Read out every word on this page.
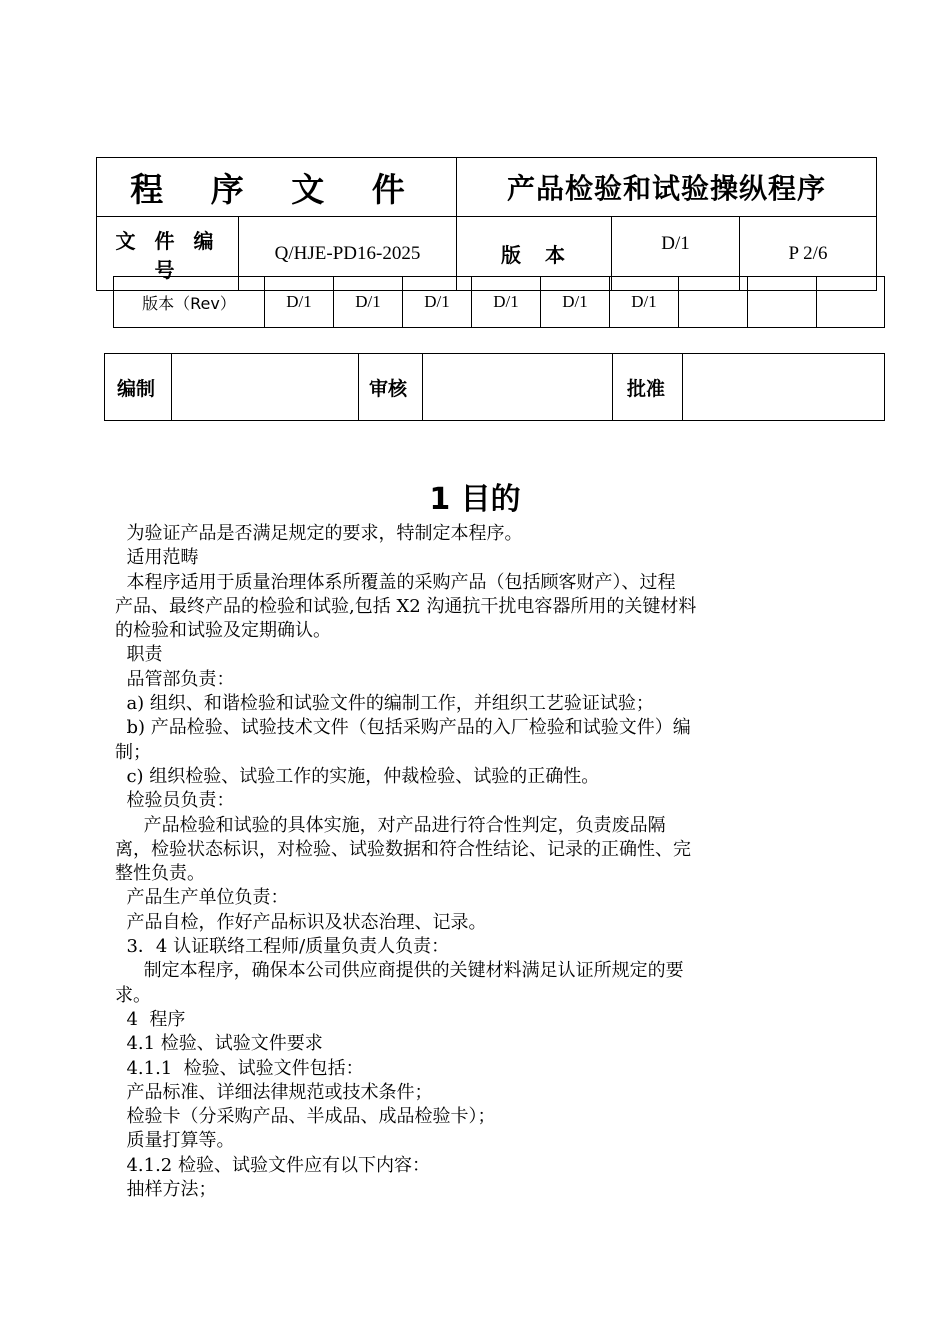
程 序 文 件		产品检验和试验操纵程序		
文 件 编 号	Q/HJE-PD16-2025	版　本	D/1	P 2/6
版本（Rev）	D/1	D/1	D/1	D/1	D/1	D/1			
编制		审核		批准	
1 目的
为验证产品是否满足规定的要求，特制定本程序。
适用范畴
本程序适用于质量治理体系所覆盖的采购产品（包括顾客财产）、过程
产品、最终产品的检验和试验,包括 X2 沟通抗干扰电容器所用的关键材料
的检验和试验及定期确认。
职责
品管部负责：
a) 组织、和谐检验和试验文件的编制工作，并组织工艺验证试验；
b) 产品检验、试验技术文件（包括采购产品的入厂检验和试验文件）编
制；
c) 组织检验、试验工作的实施，仲裁检验、试验的正确性。
检验员负责：
产品检验和试验的具体实施，对产品进行符合性判定，负责废品隔
离，检验状态标识，对检验、试验数据和符合性结论、记录的正确性、完
整性负责。
产品生产单位负责：
产品自检，作好产品标识及状态治理、记录。
3．4 认证联络工程师/质量负责人负责：
制定本程序，确保本公司供应商提供的关键材料满足认证所规定的要
求。
4  程序
4.1 检验、试验文件要求
4.1.1  检验、试验文件包括：
产品标准、详细法律规范或技术条件；
检验卡（分采购产品、半成品、成品检验卡）；
质量打算等。
4.1.2 检验、试验文件应有以下内容：
抽样方法；
